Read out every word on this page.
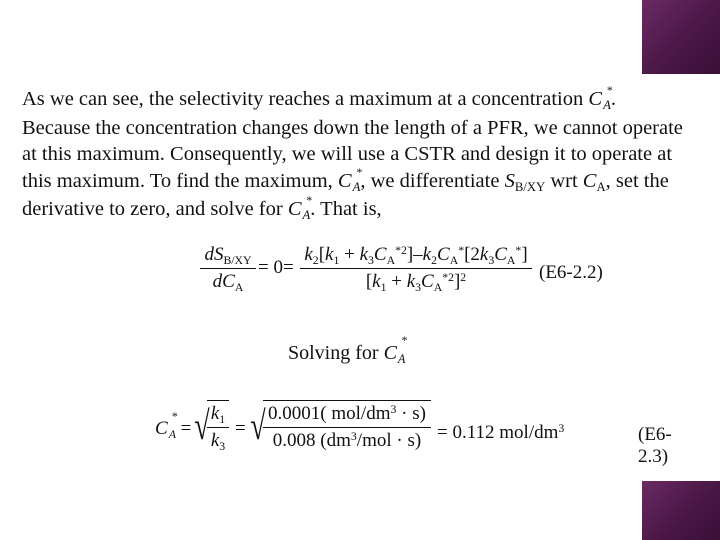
As we can see, the selectivity reaches a maximum at a concentration $C_A$
*
.
Because the concentration changes down the length of a PFR, we cannot operate
at this maximum. Consequently, we will use a CSTR and design it to operate at
this maximum. To find the maximum, $C_A$
*
, we differentiate $S_{B/XY}$ wrt $C_A$, set the
derivative to zero, and solve for $C_A$
*
. That is,
$dS_{B/XY}$
$dC_A$
= 0=
$k_2[k_1 + k_3C_A^{*2}]-k_2C_A^*[2k_3C_A^*]$
$[k_1 + k_3C_A^{*2}]^2$	(E6-2.2)
Solving for $C_A$
*
$C_A$
*
= √ $k_1$
$k_3$
= √ 0.0001( mol/$dm^3 \cdot s$)
0.008 ($dm^3$/mol · s) = 0.112 mol/$dm^3$	(E6-2.3)
